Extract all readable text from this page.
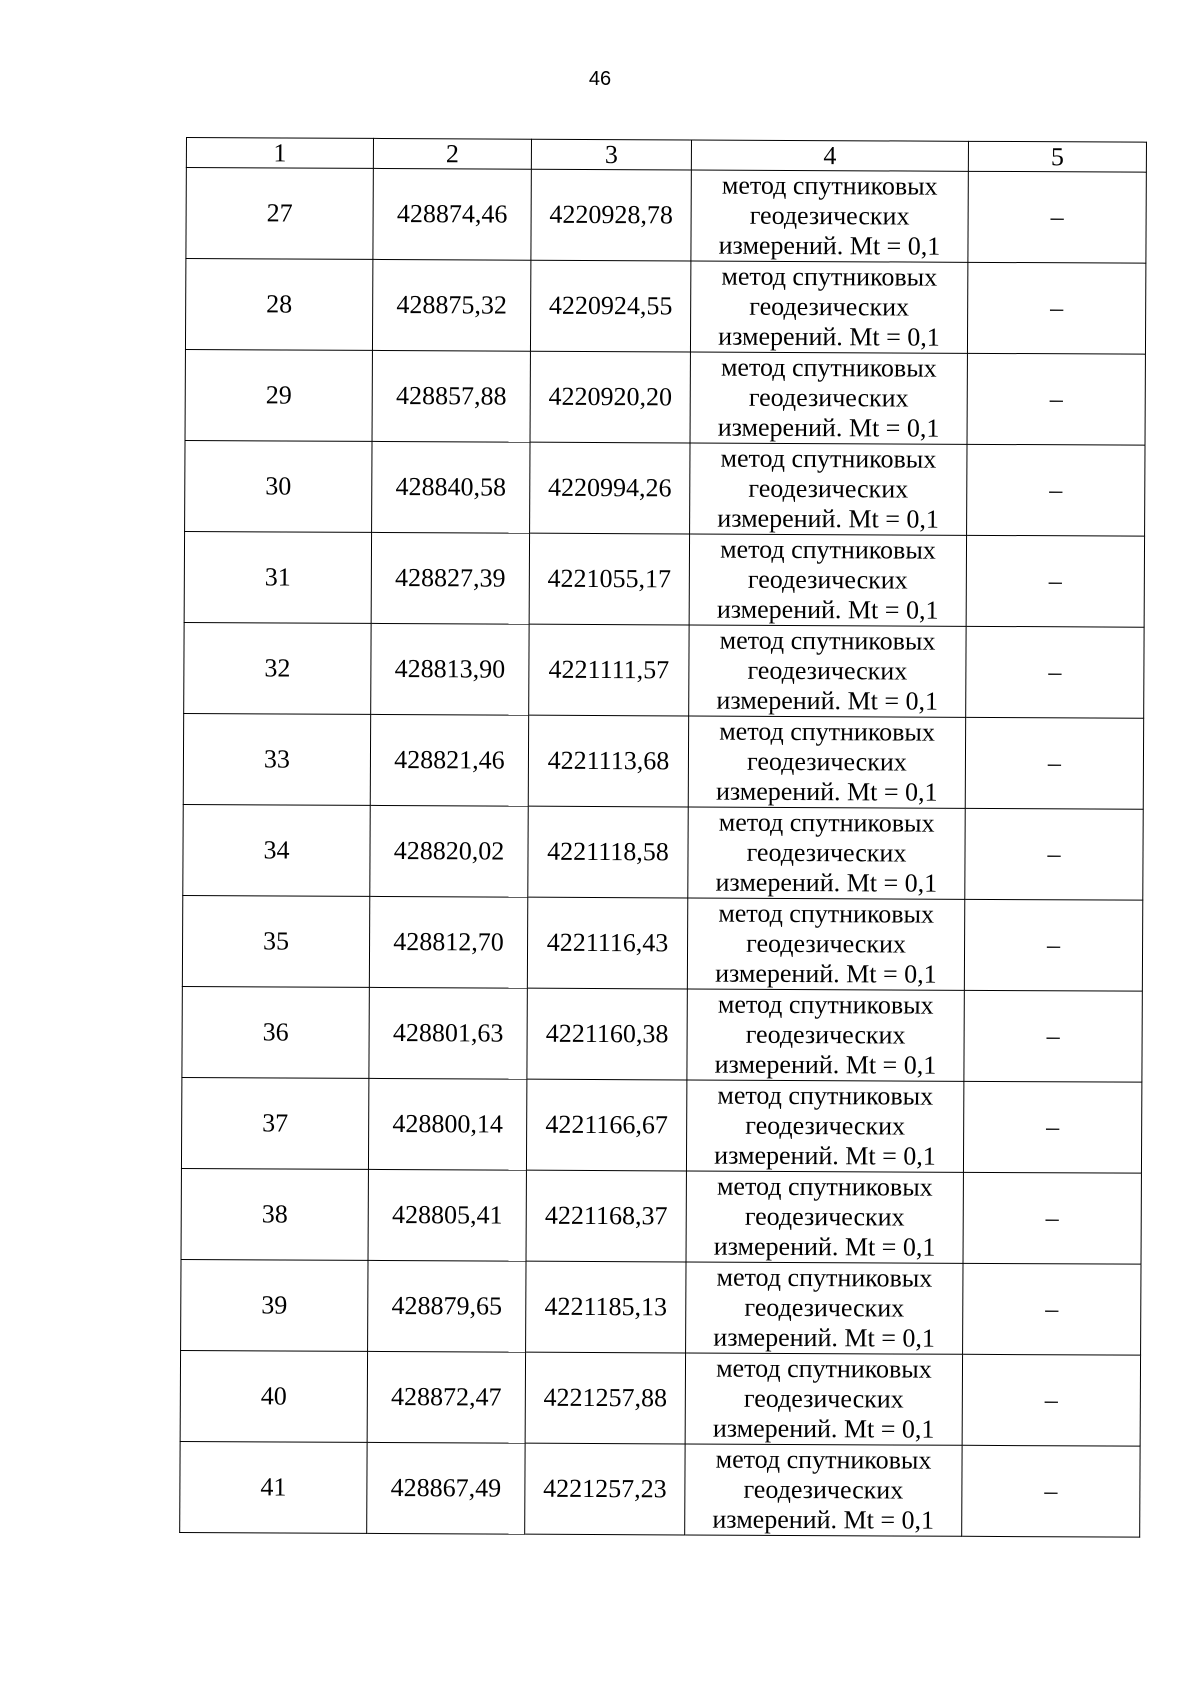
46
1	2	3	4	5
27	428874,46	4220928,78	метод спутниковых
геодезических
измерений. Mt = 0,1	–
28	428875,32	4220924,55	метод спутниковых
геодезических
измерений. Mt = 0,1	–
29	428857,88	4220920,20	метод спутниковых
геодезических
измерений. Mt = 0,1	–
30	428840,58	4220994,26	метод спутниковых
геодезических
измерений. Mt = 0,1	–
31	428827,39	4221055,17	метод спутниковых
геодезических
измерений. Mt = 0,1	–
32	428813,90	4221111,57	метод спутниковых
геодезических
измерений. Mt = 0,1	–
33	428821,46	4221113,68	метод спутниковых
геодезических
измерений. Mt = 0,1	–
34	428820,02	4221118,58	метод спутниковых
геодезических
измерений. Mt = 0,1	–
35	428812,70	4221116,43	метод спутниковых
геодезических
измерений. Mt = 0,1	–
36	428801,63	4221160,38	метод спутниковых
геодезических
измерений. Mt = 0,1	–
37	428800,14	4221166,67	метод спутниковых
геодезических
измерений. Mt = 0,1	–
38	428805,41	4221168,37	метод спутниковых
геодезических
измерений. Mt = 0,1	–
39	428879,65	4221185,13	метод спутниковых
геодезических
измерений. Mt = 0,1	–
40	428872,47	4221257,88	метод спутниковых
геодезических
измерений. Mt = 0,1	–
41	428867,49	4221257,23	метод спутниковых
геодезических
измерений. Mt = 0,1	–
